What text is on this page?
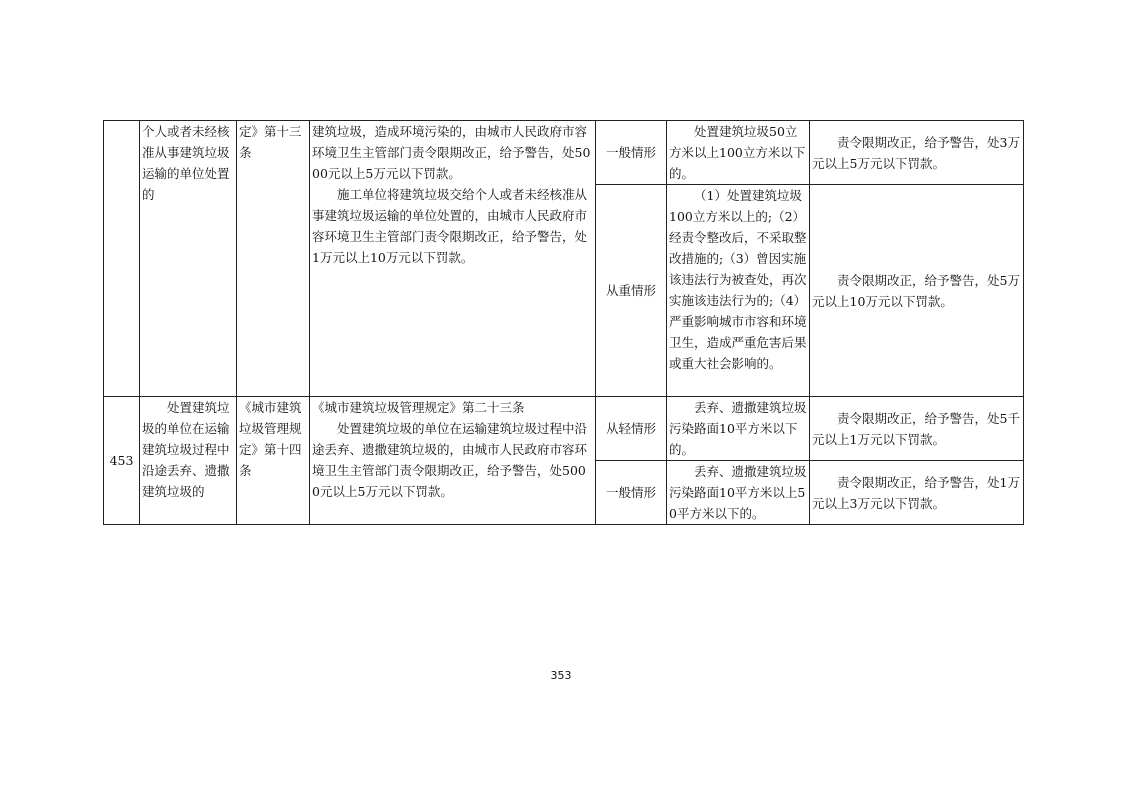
	个人或者未经核准从事建筑垃圾运输的单位处置的	定》第十三条	建筑垃圾，造成环境污染的，由城市人民政府市容环境卫生主管部门责令限期改正，给予警告，处5000元以上5万元以下罚款。

施工单位将建筑垃圾交给个人或者未经核准从事建筑垃圾运输的单位处置的，由城市人民政府市容环境卫生主管部门责令限期改正，给予警告，处1万元以上10万元以下罚款。	一般情形	处置建筑垃圾50立方米以上100立方米以下的。	责令限期改正，给予警告，处3万元以上5万元以下罚款。
				从重情形	（1）处置建筑垃圾100立方米以上的;（2）经责令整改后，不采取整改措施的;（3）曾因实施该违法行为被查处，再次实施该违法行为的;（4）严重影响城市市容和环境卫生，造成严重危害后果或重大社会影响的。	责令限期改正，给予警告，处5万元以上10万元以下罚款。
453	处置建筑垃圾的单位在运输建筑垃圾过程中沿途丢弃、遗撒建筑垃圾的	《城市建筑垃圾管理规定》第十四条	《城市建筑垃圾管理规定》第二十三条

处置建筑垃圾的单位在运输建筑垃圾过程中沿途丢弃、遗撒建筑垃圾的，由城市人民政府市容环境卫生主管部门责令限期改正，给予警告，处5000元以上5万元以下罚款。	从轻情形	丢弃、遗撒建筑垃圾污染路面10平方米以下的。	责令限期改正，给予警告，处5千元以上1万元以下罚款。
				一般情形	丢弃、遗撒建筑垃圾污染路面10平方米以上50平方米以下的。	责令限期改正，给予警告，处1万元以上3万元以下罚款。
353
